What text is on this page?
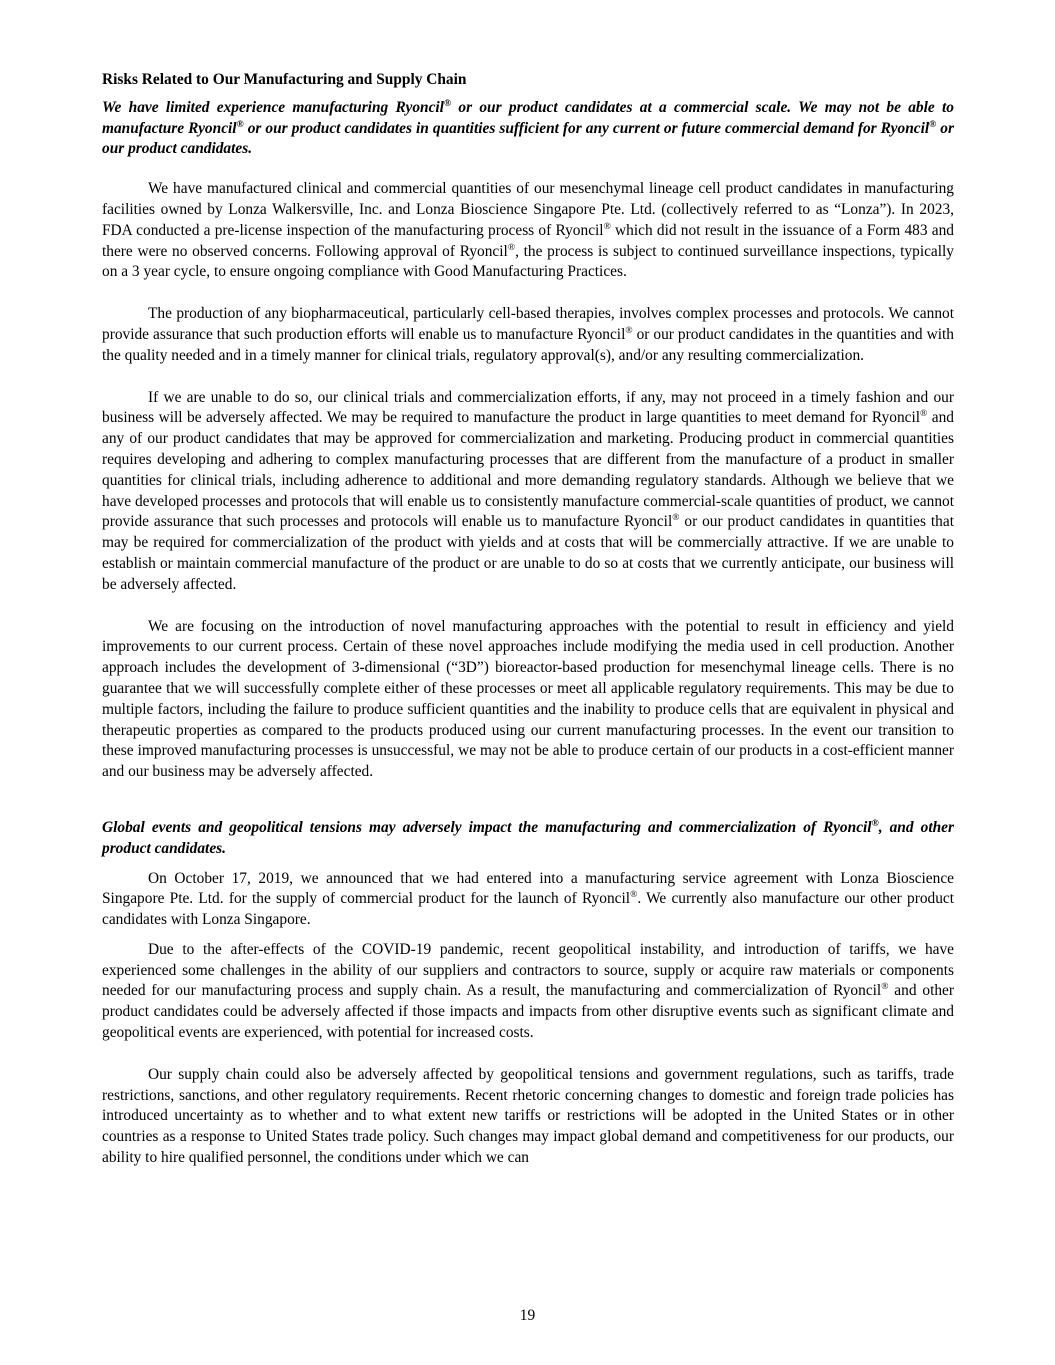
Risks Related to Our Manufacturing and Supply Chain

We have limited experience manufacturing Ryoncil® or our product candidates at a commercial scale. We may not be able to manufacture Ryoncil® or our product candidates in quantities sufficient for any current or future commercial demand for Ryoncil® or our product candidates.

We have manufactured clinical and commercial quantities of our mesenchymal lineage cell product candidates in manufacturing facilities owned by Lonza Walkersville, Inc. and Lonza Bioscience Singapore Pte. Ltd. (collectively referred to as “Lonza”). In 2023, FDA conducted a pre-license inspection of the manufacturing process of Ryoncil® which did not result in the issuance of a Form 483 and there were no observed concerns. Following approval of Ryoncil®, the process is subject to continued surveillance inspections, typically on a 3 year cycle, to ensure ongoing compliance with Good Manufacturing Practices.

The production of any biopharmaceutical, particularly cell-based therapies, involves complex processes and protocols. We cannot provide assurance that such production efforts will enable us to manufacture Ryoncil® or our product candidates in the quantities and with the quality needed and in a timely manner for clinical trials, regulatory approval(s), and/or any resulting commercialization.

If we are unable to do so, our clinical trials and commercialization efforts, if any, may not proceed in a timely fashion and our business will be adversely affected. We may be required to manufacture the product in large quantities to meet demand for Ryoncil® and any of our product candidates that may be approved for commercialization and marketing. Producing product in commercial quantities requires developing and adhering to complex manufacturing processes that are different from the manufacture of a product in smaller quantities for clinical trials, including adherence to additional and more demanding regulatory standards. Although we believe that we have developed processes and protocols that will enable us to consistently manufacture commercial-scale quantities of product, we cannot provide assurance that such processes and protocols will enable us to manufacture Ryoncil® or our product candidates in quantities that may be required for commercialization of the product with yields and at costs that will be commercially attractive. If we are unable to establish or maintain commercial manufacture of the product or are unable to do so at costs that we currently anticipate, our business will be adversely affected.

We are focusing on the introduction of novel manufacturing approaches with the potential to result in efficiency and yield improvements to our current process. Certain of these novel approaches include modifying the media used in cell production. Another approach includes the development of 3-dimensional (“3D”) bioreactor-based production for mesenchymal lineage cells. There is no guarantee that we will successfully complete either of these processes or meet all applicable regulatory requirements. This may be due to multiple factors, including the failure to produce sufficient quantities and the inability to produce cells that are equivalent in physical and therapeutic properties as compared to the products produced using our current manufacturing processes. In the event our transition to these improved manufacturing processes is unsuccessful, we may not be able to produce certain of our products in a cost-efficient manner and our business may be adversely affected.

Global events and geopolitical tensions may adversely impact the manufacturing and commercialization of Ryoncil®, and other product candidates.

On October 17, 2019, we announced that we had entered into a manufacturing service agreement with Lonza Bioscience Singapore Pte. Ltd. for the supply of commercial product for the launch of Ryoncil®. We currently also manufacture our other product candidates with Lonza Singapore.

Due to the after-effects of the COVID-19 pandemic, recent geopolitical instability, and introduction of tariffs, we have experienced some challenges in the ability of our suppliers and contractors to source, supply or acquire raw materials or components needed for our manufacturing process and supply chain. As a result, the manufacturing and commercialization of Ryoncil® and other product candidates could be adversely affected if those impacts and impacts from other disruptive events such as significant climate and geopolitical events are experienced, with potential for increased costs.

Our supply chain could also be adversely affected by geopolitical tensions and government regulations, such as tariffs, trade restrictions, sanctions, and other regulatory requirements. Recent rhetoric concerning changes to domestic and foreign trade policies has introduced uncertainty as to whether and to what extent new tariffs or restrictions will be adopted in the United States or in other countries as a response to United States trade policy. Such changes may impact global demand and competitiveness for our products, our ability to hire qualified personnel, the conditions under which we can

19
